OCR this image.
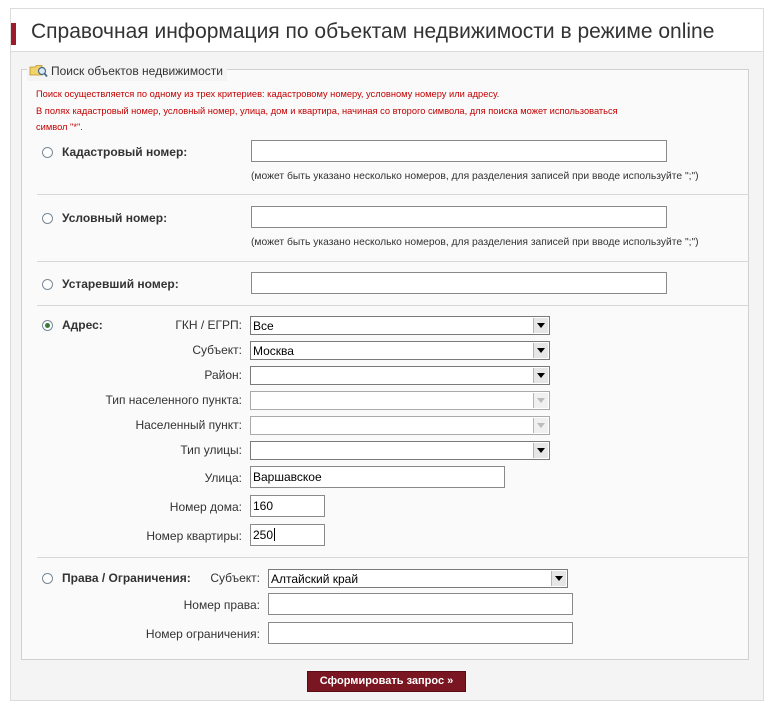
Справочная информация по объектам недвижимости в режиме online
Поиск объектов недвижимости
Поиск осуществляется по одному из трех критериев: кадастровому номеру, условному номеру или адресу.
В полях кадастровый номер, условный номер, улица, дом и квартира, начиная со второго символа, для поиска может использоваться
символ "*".
Кадастровый номер:
(может быть указано несколько номеров, для разделения записей при вводе используйте ";")
Условный номер:
(может быть указано несколько номеров, для разделения записей при вводе используйте ";")
Устаревший номер:
Адрес:	ГКН / ЕГРП: Все
Субъект: Москва
Район:
Тип населенного пункта:
Населенный пункт:
Тип улицы:
Улица: Варшавское
Номер дома: 160
Номер квартиры: 250
Права / Ограничения: Субъект: Алтайский край
Номер права:
Номер ограничения:
Сформировать запрос »
